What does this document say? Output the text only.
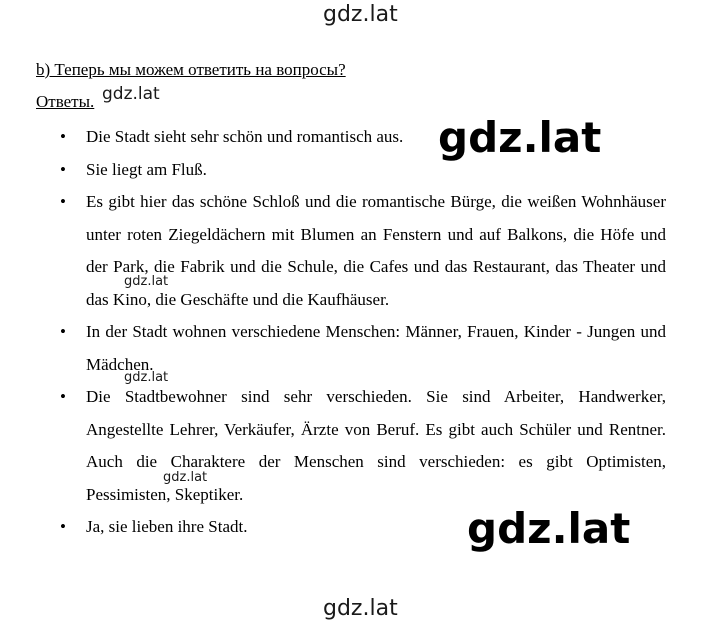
gdz.lat
b) Теперь мы можем ответить на вопросы?
Ответы. gdz.lat
• Die Stadt sieht sehr schön und romantisch aus.
• Sie liegt am Fluß.
• Es gibt hier das schöne Schloß und die romantische Bürge, die weißen Wohnhäuser unter roten Ziegeldächern mit Blumen an Fenstern und auf Balkons, die Höfe und der Park, die Fabrik und die Schule, die Cafes und das Restaurant, das Theater und das Kino, die Geschäfte und die Kaufhäuser.
• In der Stadt wohnen verschiedene Menschen: Männer, Frauen, Kinder - Jungen und Mädchen.
• Die Stadtbewohner sind sehr verschieden. Sie sind Arbeiter, Handwerker, Angestellte Lehrer, Verkäufer, Ärzte von Beruf. Es gibt auch Schüler und Rentner. Auch die Charaktere der Menschen sind verschieden: es gibt Optimisten, Pessimisten, Skeptiker.
• Ja, sie lieben ihre Stadt.
gdz.lat
gdz.lat
gdz.lat
gdz.lat
gdz.lat
gdz.lat
